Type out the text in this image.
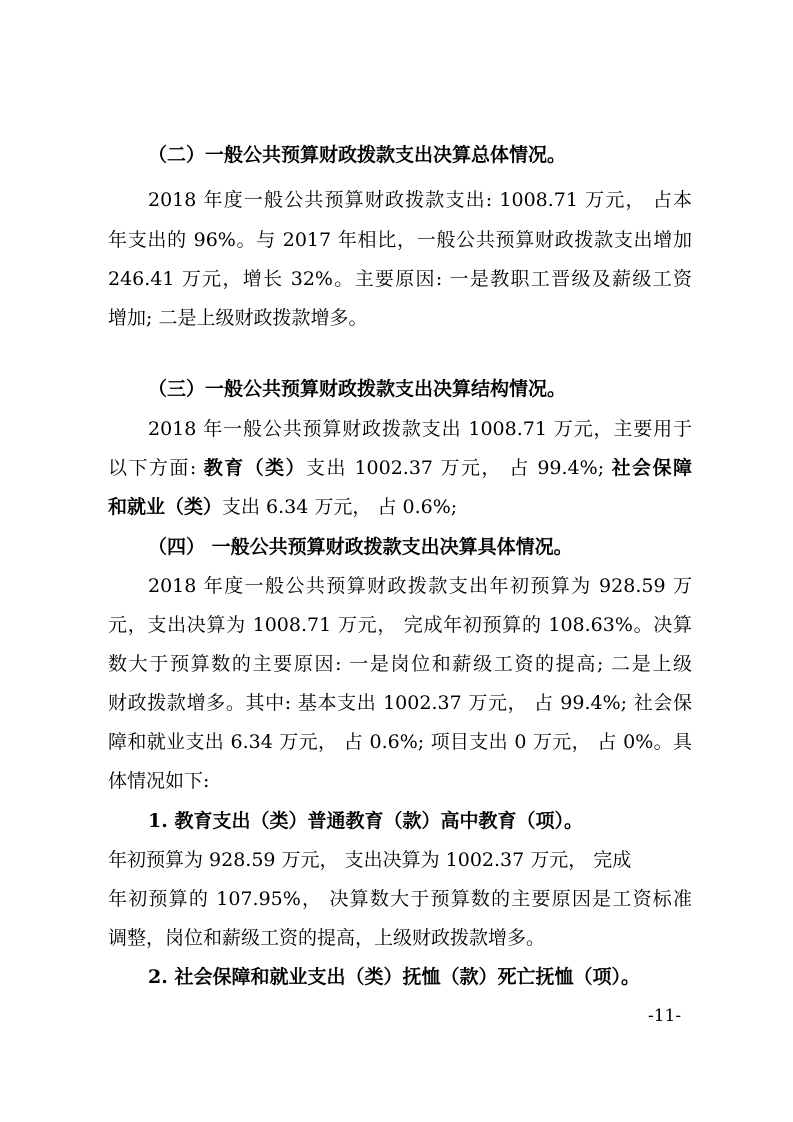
（二）一般公共预算财政拨款支出决算总体情况。
2018 年度一般公共预算财政拨款支出: 1008.71 万元， 占本
年支出的 96%。与 2017 年相比，一般公共预算财政拨款支出增加
246.41 万元，增长 32%。主要原因: 一是教职工晋级及薪级工资
增加; 二是上级财政拨款增多。
（三）一般公共预算财政拨款支出决算结构情况。
2018 年一般公共预算财政拨款支出 1008.71 万元，主要用于
以下方面: 教育（类）支出 1002.37 万元， 占 99.4%; 社会保障
和就业（类）支出 6.34 万元， 占 0.6%;
（四） 一般公共预算财政拨款支出决算具体情况。
2018 年度一般公共预算财政拨款支出年初预算为 928.59 万
元，支出决算为 1008.71 万元， 完成年初预算的 108.63%。决算
数大于预算数的主要原因: 一是岗位和薪级工资的提高; 二是上级
财政拨款增多。其中: 基本支出 1002.37 万元， 占 99.4%; 社会保
障和就业支出 6.34 万元， 占 0.6%; 项目支出 0 万元， 占 0%。具
体情况如下:
1. 教育支出（类）普通教育（款）高中教育（项）。
年初预算为 928.59 万元， 支出决算为 1002.37 万元， 完成
年初预算的 107.95%， 决算数大于预算数的主要原因是工资标准
调整，岗位和薪级工资的提高，上级财政拨款增多。
2. 社会保障和就业支出（类）抚恤（款）死亡抚恤（项）。
-11-
